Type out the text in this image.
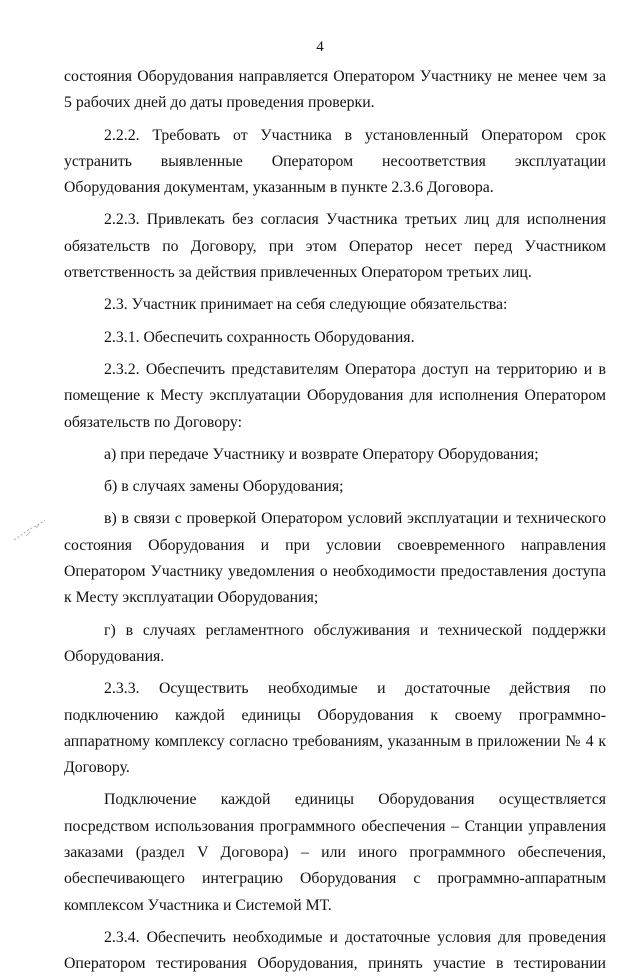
4

состояния Оборудования направляется Оператором Участнику не менее чем за 5 рабочих дней до даты проведения проверки.

2.2.2. Требовать от Участника в установленный Оператором срок устранить выявленные Оператором несоответствия эксплуатации Оборудования документам, указанным в пункте 2.3.6 Договора.

2.2.3. Привлекать без согласия Участника третьих лиц для исполнения обязательств по Договору, при этом Оператор несет перед Участником ответственность за действия привлеченных Оператором третьих лиц.

2.3. Участник принимает на себя следующие обязательства:

2.3.1. Обеспечить сохранность Оборудования.

2.3.2. Обеспечить представителям Оператора доступ на территорию и в помещение к Месту эксплуатации Оборудования для исполнения Оператором обязательств по Договору:

а) при передаче Участнику и возврате Оператору Оборудования;

б) в случаях замены Оборудования;

в) в связи с проверкой Оператором условий эксплуатации и технического состояния Оборудования и при условии своевременного направления Оператором Участнику уведомления о необходимости предоставления доступа к Месту эксплуатации Оборудования;

г) в случаях регламентного обслуживания и технической поддержки Оборудования.

2.3.3. Осуществить необходимые и достаточные действия по подключению каждой единицы Оборудования к своему программно-аппаратному комплексу согласно требованиям, указанным в приложении № 4 к Договору.

Подключение каждой единицы Оборудования осуществляется посредством использования программного обеспечения – Станции управления заказами (раздел V Договора) – или иного программного обеспечения, обеспечивающего интеграцию Оборудования с программно-аппаратным комплексом Участника и Системой МТ.

2.3.4. Обеспечить необходимые и достаточные условия для проведения Оператором тестирования Оборудования, принять участие в тестировании
